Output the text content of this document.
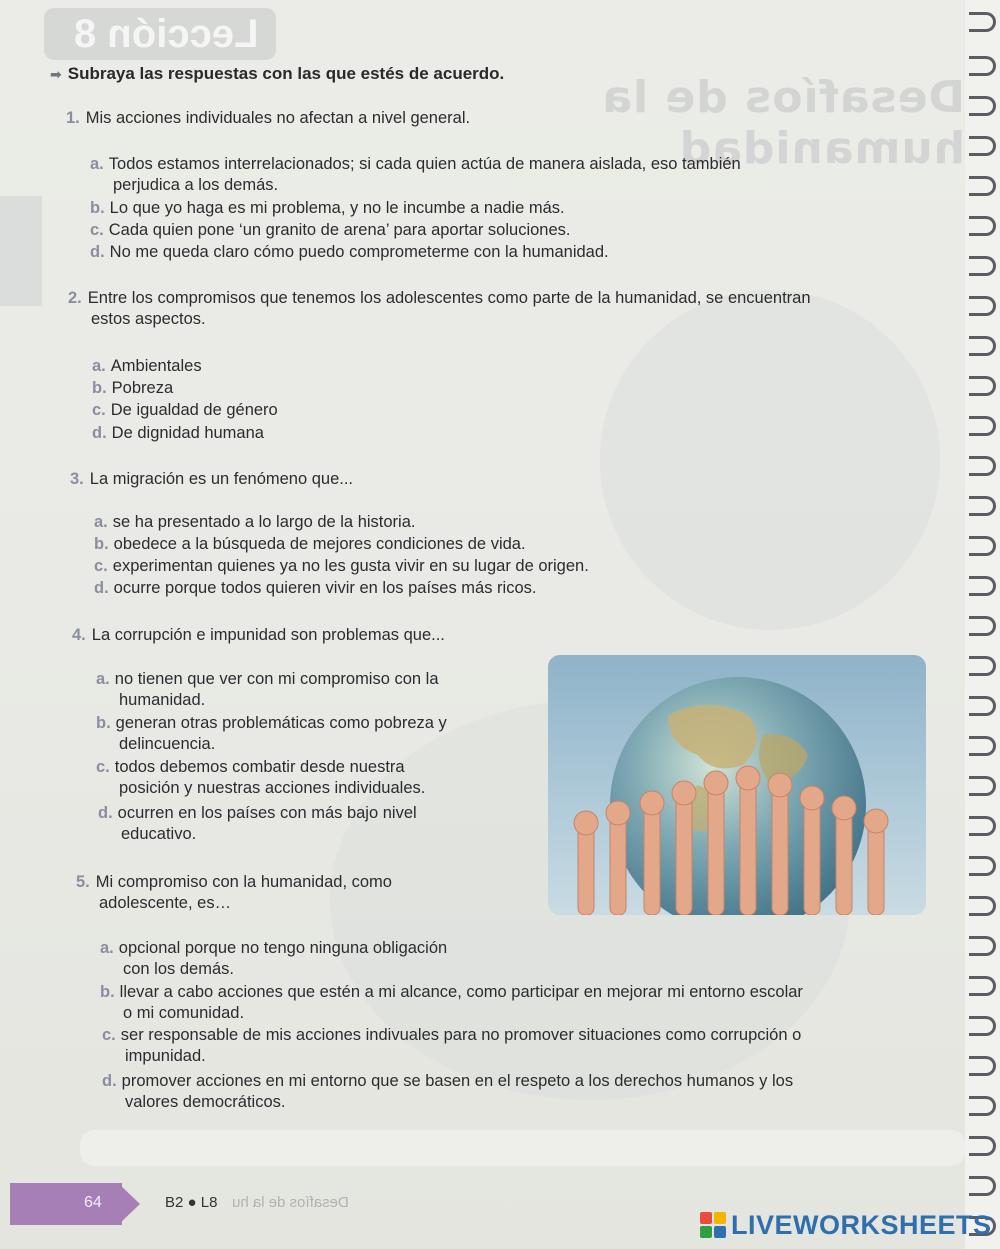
Lección 8
Desafíos de la humanidad
➡ Subraya las respuestas con las que estés de acuerdo.
1. Mis acciones individuales no afectan a nivel general.
a. Todos estamos interrelacionados; si cada quien actúa de manera aislada, eso también
perjudica a los demás.
b. Lo que yo haga es mi problema, y no le incumbe a nadie más.
c. Cada quien pone ‘un granito de arena’ para aportar soluciones.
d. No me queda claro cómo puedo comprometerme con la humanidad.
2. Entre los compromisos que tenemos los adolescentes como parte de la humanidad, se encuentran
estos aspectos.
a. Ambientales
b. Pobreza
c. De igualdad de género
d. De dignidad humana
3. La migración es un fenómeno que...
a. se ha presentado a lo largo de la historia.
b. obedece a la búsqueda de mejores condiciones de vida.
c. experimentan quienes ya no les gusta vivir en su lugar de origen.
d. ocurre porque todos quieren vivir en los países más ricos.
4. La corrupción e impunidad son problemas que...
a. no tienen que ver con mi compromiso con la
humanidad.
b. generan otras problemáticas como pobreza y
delincuencia.
c. todos debemos combatir desde nuestra
posición y nuestras acciones individuales.
d. ocurren en los países con más bajo nivel
educativo.
5. Mi compromiso con la humanidad, como
adolescente, es…
a. opcional porque no tengo ninguna obligación
con los demás.
b. llevar a cabo acciones que estén a mi alcance, como participar en mejorar mi entorno escolar
o mi comunidad.
c. ser responsable de mis acciones indivuales para no promover situaciones como corrupción o
impunidad.
d. promover acciones en mi entorno que se basen en el respeto a los derechos humanos y los
valores democráticos.
64	B2 ● L8 Desafíos de la hu
LIVEWORKSHEETS
